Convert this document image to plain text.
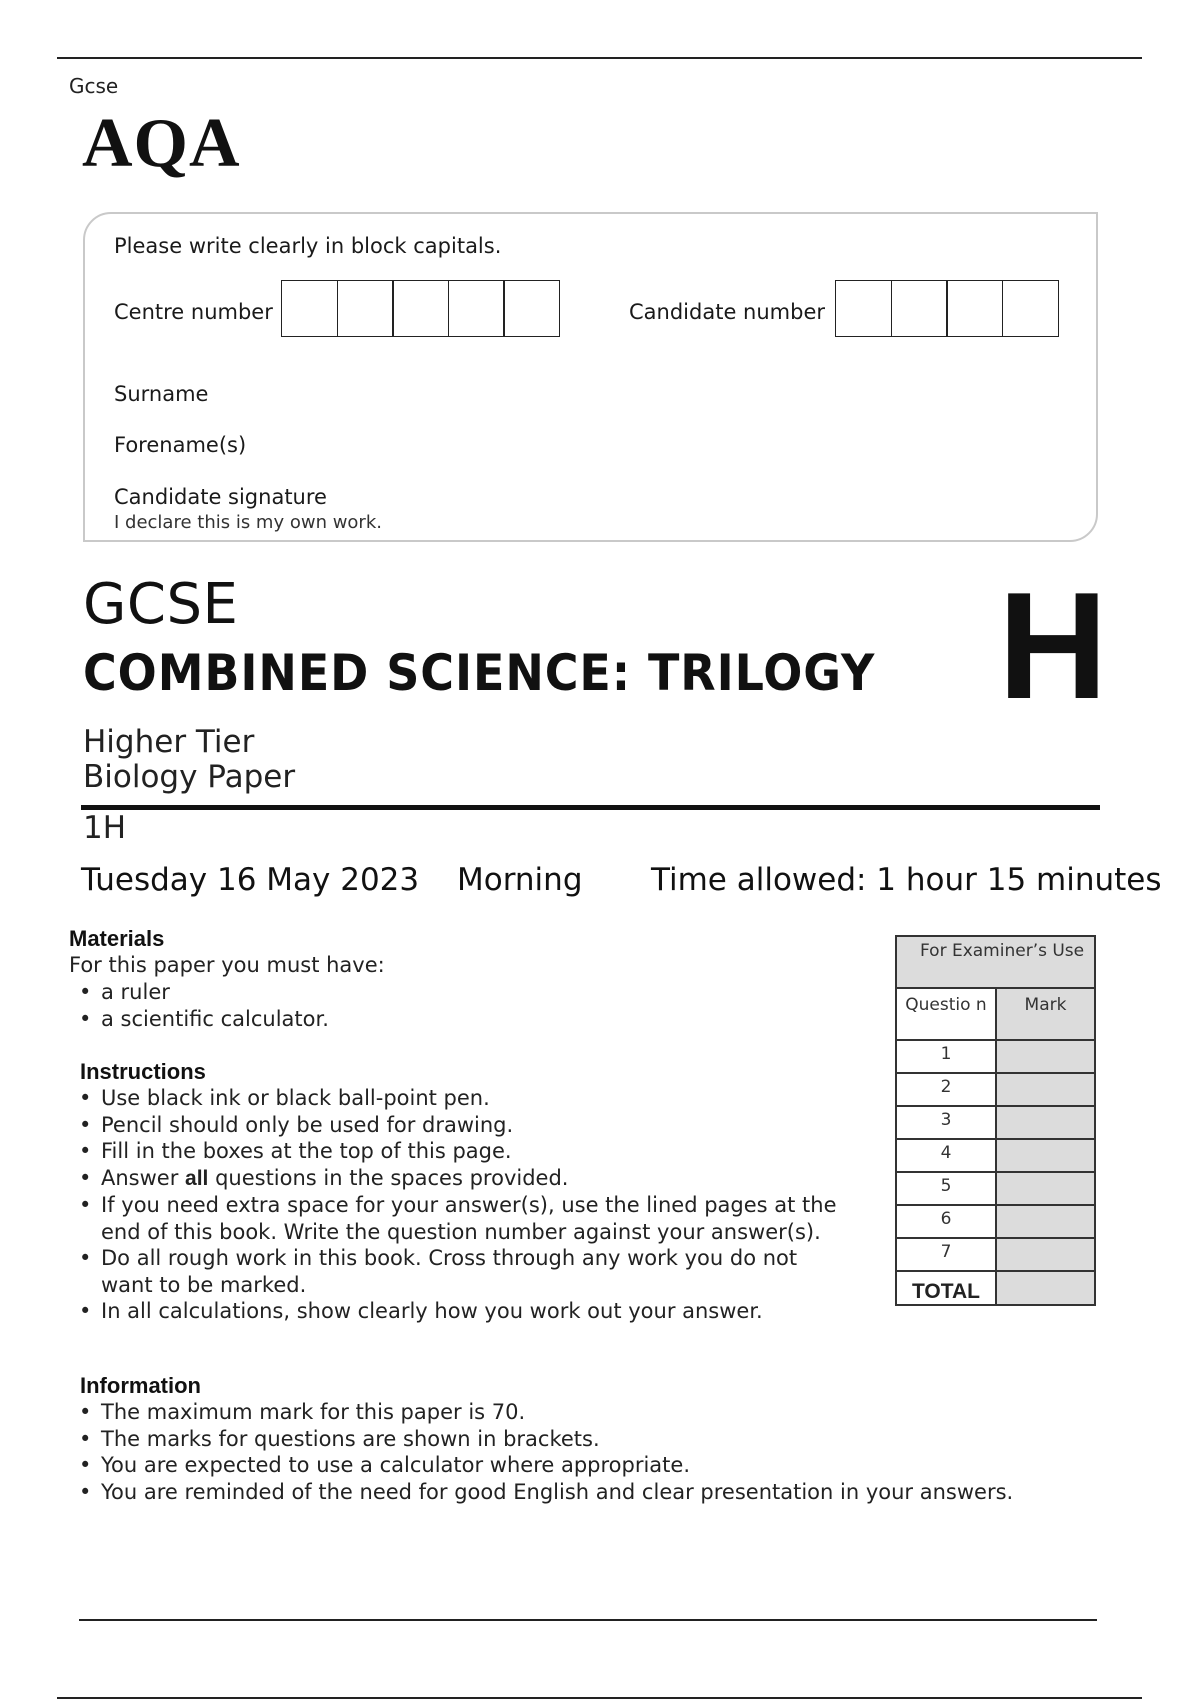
Gcse
AQA
Please write clearly in block capitals.
Centre number	Candidate number
Surname
Forename(s)
Candidate signature
I declare this is my own work.
GCSE
COMBINED SCIENCE: TRILOGY H
Higher Tier
Biology Paper
1H
Tuesday 16 May 2023 Morning Time allowed: 1 hour 15 minutes
Materials
For this paper you must have:
• a ruler
• a scientific calculator.
Instructions
• Use black ink or black ball-point pen.
• Pencil should only be used for drawing.
• Fill in the boxes at the top of this page.
• Answer all questions in the spaces provided.
• If you need extra space for your answer(s), use the lined pages at the end of this book. Write the question number against your answer(s).
• Do all rough work in this book. Cross through any work you do not want to be marked.
• In all calculations, show clearly how you work out your answer.
Information
• The maximum mark for this paper is 70.
• The marks for questions are shown in brackets.
• You are expected to use a calculator where appropriate.
• You are reminded of the need for good English and clear presentation in your answers.
For Examiner’s Use	
Questio n	Mark
1	
2	
3	
4	
5	
6	
7	
TOTAL	
